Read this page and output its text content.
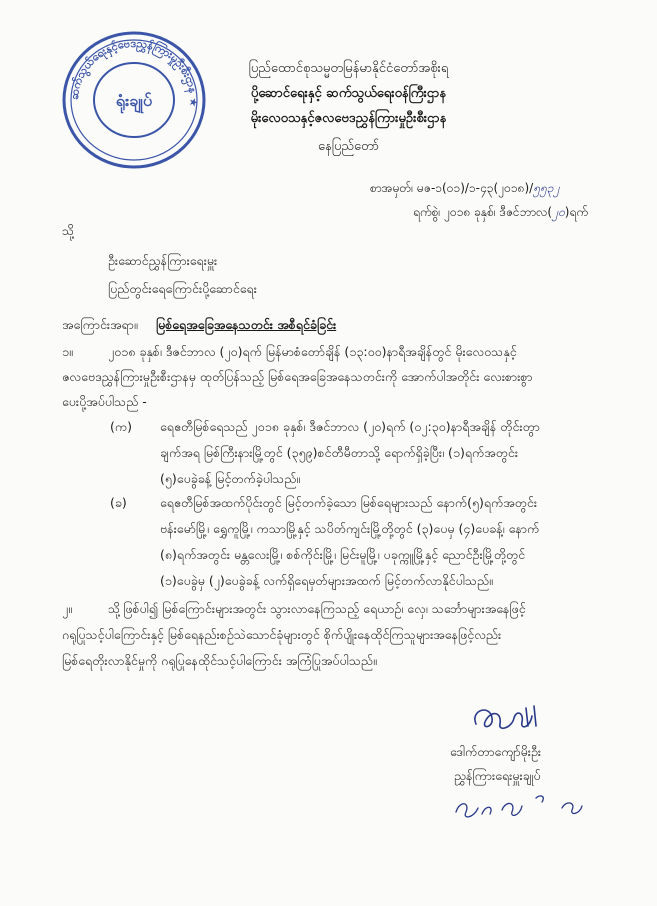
ဆက်သွယ်ရေးနှင့်ဗေဒညွှန်ကြားမှုဦးစီးဌာန ★
ရုံးချုပ်
ပြည်ထောင်စုသမ္မတမြန်မာနိုင်ငံတော်အစိုးရ
ပို့ဆောင်ရေးနှင့် ဆက်သွယ်ရေးဝန်ကြီးဌာန
မိုးလေဝသနှင့်ဇလဗေဒညွှန်ကြားမှုဦးစီးဌာန
နေပြည်တော်
စာအမှတ်၊ မဇ-၁(၀၁)/၁-၄၃(၂၀၁၈)/၅၅၃၂
ရက်စွဲ၊ ၂၀၁၈ ခုနှစ်၊ ဒီဇင်ဘာလ(၂၀)ရက်
သို့
ဦးဆောင်ညွှန်ကြားရေးမှူး
ပြည်တွင်းရေကြောင်းပို့ဆောင်ရေး
အကြောင်းအရာ။ မြစ်ရေအခြေအနေသတင်း အစီရင်ခံခြင်း
၁။	၂၀၁၈ ခုနှစ်၊ ဒီဇင်ဘာလ (၂၀)ရက် မြန်မာစံတော်ချိန် (၁၃:၀၀)နာရီအချိန်တွင် မိုးလေဝသနှင့်
ဇလဗေဒညွှန်ကြားမှုဦးစီးဌာနမှ ထုတ်ပြန်သည့် မြစ်ရေအခြေအနေသတင်းကို အောက်ပါအတိုင်း လေးစားစွာ
ပေးပို့အပ်ပါသည် -
(က) ရေဧတီမြစ်ရေသည် ၂၀၁၈ ခုနှစ်၊ ဒီဇင်ဘာလ (၂၀)ရက် (၀၂:၃၀)နာရီအချိန် တိုင်းတွာ
ချက်အရ မြစ်ကြီးနားမြို့တွင် (၃၅၉)စင်တီမီတာသို့ ရောက်ရှိခဲ့ပြီး၊ (၁)ရက်အတွင်း
(၅)ပေခွဲခန့် မြင့်တက်ခဲ့ပါသည်။
(ခ)	ရေဧတီမြစ်အထက်ပိုင်းတွင် မြင့်တက်ခဲ့သော မြစ်ရေများသည် နောက်(၅)ရက်အတွင်း
ဗန်းမော်မြို့၊ ရွှေကူမြို့၊ ကသာမြို့နှင့် သပိတ်ကျင်းမြို့တို့တွင် (၃)ပေမှ (၄)ပေခန့်၊ နောက်
(၈)ရက်အတွင်း မန္တလေးမြို့၊ စစ်ကိုင်းမြို့၊ မြင်းမူမြို့၊ ပခုက္ကူမြို့နှင့် ညောင်ဦးမြို့တို့တွင်
(၁)ပေခွဲမှ (၂)ပေခွဲခန့် လက်ရှိရေမှတ်များအထက် မြင့်တက်လာနိုင်ပါသည်။
၂။	သို့ဖြစ်ပါ၍ မြစ်ကြောင်းများအတွင်း သွားလာနေကြသည့် ရေယာဉ်၊ လှေ၊ သင်္ဘောများအနေဖြင့်
ဂရုပြုသင့်ပါကြောင်းနှင့် မြစ်ရေနည်းစဉ်သဲသောင်ခုံများတွင် စိုက်ပျိုးနေထိုင်ကြသူများအနေဖြင့်လည်း
မြစ်ရေတိုးလာနိုင်မှုကို ဂရုပြုနေထိုင်သင့်ပါကြောင်း အကြံပြုအပ်ပါသည်။
ဒေါက်တာကျော်မိုးဦး
ညွှန်ကြားရေးမှူးချုပ်
